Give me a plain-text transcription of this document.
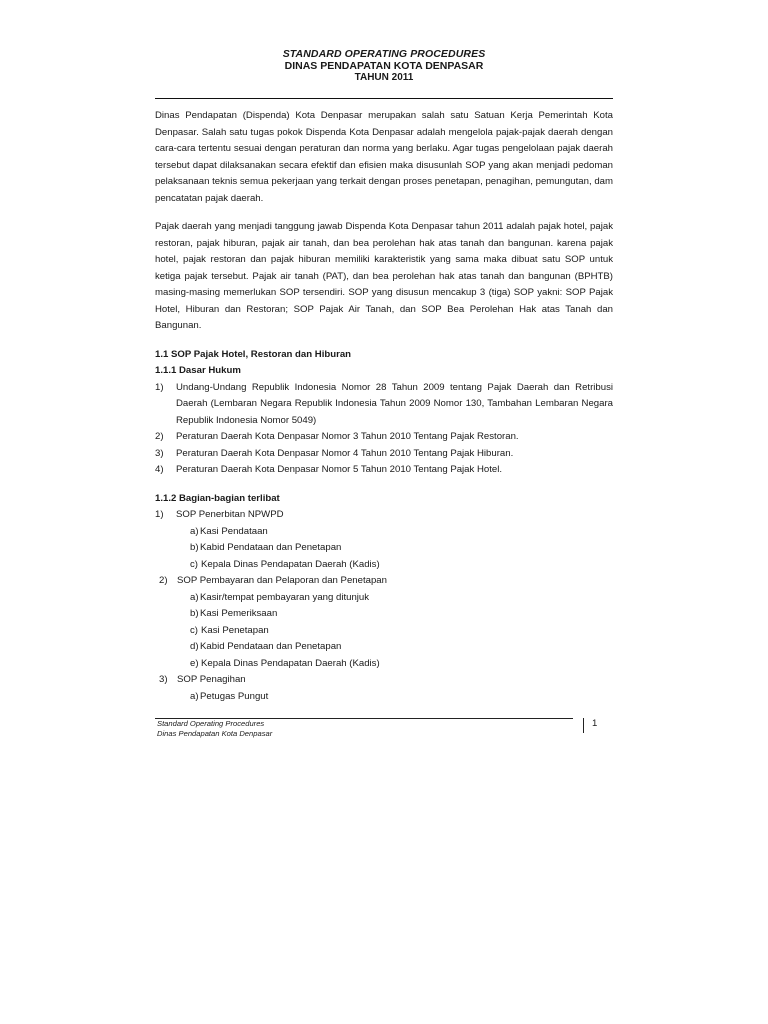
STANDARD OPERATING PROCEDURES
DINAS PENDAPATAN KOTA DENPASAR
TAHUN 2011

Dinas Pendapatan (Dispenda) Kota Denpasar merupakan salah satu Satuan Kerja Pemerintah Kota Denpasar. Salah satu tugas pokok Dispenda Kota Denpasar adalah mengelola pajak-pajak daerah dengan cara-cara tertentu sesuai dengan peraturan dan norma yang berlaku. Agar tugas pengelolaan pajak daerah tersebut dapat dilaksanakan secara efektif dan efisien maka disusunlah SOP yang akan menjadi pedoman pelaksanaan teknis semua pekerjaan yang terkait dengan proses penetapan, penagihan, pemungutan, dam pencatatan pajak daerah.

Pajak daerah yang menjadi tanggung jawab Dispenda Kota Denpasar tahun 2011 adalah pajak hotel, pajak restoran, pajak hiburan, pajak air tanah, dan bea perolehan hak atas tanah dan bangunan. karena pajak hotel, pajak restoran dan pajak hiburan memiliki karakteristik yang sama maka dibuat satu SOP untuk ketiga pajak tersebut. Pajak air tanah (PAT), dan bea perolehan hak atas tanah dan bangunan (BPHTB) masing-masing memerlukan SOP tersendiri. SOP yang disusun mencakup 3 (tiga) SOP yakni: SOP Pajak Hotel, Hiburan dan Restoran; SOP Pajak Air Tanah, dan SOP Bea Perolehan Hak atas Tanah dan Bangunan.

1.1 SOP Pajak Hotel, Restoran dan Hiburan
1.1.1 Dasar Hukum
1) Undang-Undang Republik Indonesia Nomor 28 Tahun 2009 tentang Pajak Daerah dan Retribusi Daerah (Lembaran Negara Republik Indonesia Tahun 2009 Nomor 130, Tambahan Lembaran Negara Republik Indonesia Nomor 5049)
2) Peraturan Daerah Kota Denpasar Nomor 3 Tahun 2010 Tentang Pajak Restoran.
3) Peraturan Daerah Kota Denpasar Nomor 4 Tahun 2010 Tentang Pajak Hiburan.
4) Peraturan Daerah Kota Denpasar Nomor 5 Tahun 2010 Tentang Pajak Hotel.
1.1.2 Bagian-bagian terlibat
1) SOP Penerbitan NPWPD
a)Kasi Pendataan
b)Kabid Pendataan dan Penetapan
c) Kepala Dinas Pendapatan Daerah (Kadis)
2) SOP Pembayaran dan Pelaporan dan Penetapan
a)Kasir/tempat pembayaran yang ditunjuk
b)Kasi Pemeriksaan
c) Kasi Penetapan
d)Kabid Pendataan dan Penetapan
e) Kepala Dinas Pendapatan Daerah (Kadis)
3) SOP Penagihan
a)Petugas Pungut
Standard Operating Procedures
Dinas Pendapatan Kota Denpasar
1
